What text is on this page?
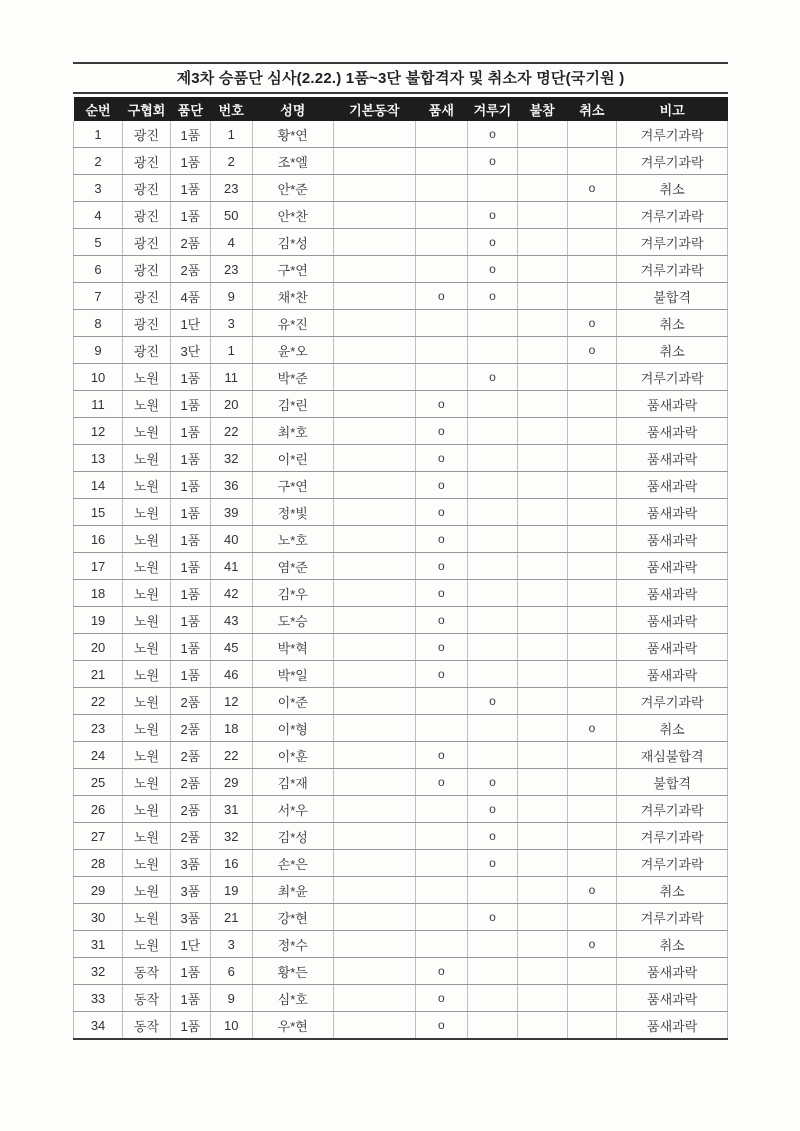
제3차 승품단 심사(2.22.) 1품~3단 불합격자 및 취소자 명단(국기원 )
순번	구협회	품단	번호	성명	기본동작	품새	겨루기	불참	취소	비고
1	광진	1품	1	황*연			o			겨루기과락
2	광진	1품	2	조*엘			o			겨루기과락
3	광진	1품	23	안*준					o	취소
4	광진	1품	50	안*찬			o			겨루기과락
5	광진	2품	4	김*성			o			겨루기과락
6	광진	2품	23	구*연			o			겨루기과락
7	광진	4품	9	채*찬		o	o			불합격
8	광진	1단	3	유*진					o	취소
9	광진	3단	1	윤*오					o	취소
10	노원	1품	11	박*준			o			겨루기과락
11	노원	1품	20	김*린		o				품새과락
12	노원	1품	22	최*호		o				품새과락
13	노원	1품	32	이*린		o				품새과락
14	노원	1품	36	구*연		o				품새과락
15	노원	1품	39	정*빛		o				품새과락
16	노원	1품	40	노*호		o				품새과락
17	노원	1품	41	염*준		o				품새과락
18	노원	1품	42	김*우		o				품새과락
19	노원	1품	43	도*승		o				품새과락
20	노원	1품	45	박*혁		o				품새과락
21	노원	1품	46	박*일		o				품새과락
22	노원	2품	12	이*준			o			겨루기과락
23	노원	2품	18	이*형					o	취소
24	노원	2품	22	이*훈		o				재심불합격
25	노원	2품	29	김*재		o	o			불합격
26	노원	2품	31	서*우			o			겨루기과락
27	노원	2품	32	김*성			o			겨루기과락
28	노원	3품	16	손*은			o			겨루기과락
29	노원	3품	19	최*윤					o	취소
30	노원	3품	21	강*현			o			겨루기과락
31	노원	1단	3	정*수					o	취소
32	동작	1품	6	황*든		o				품새과락
33	동작	1품	9	심*호		o				품새과락
34	동작	1품	10	우*현		o				품새과락
